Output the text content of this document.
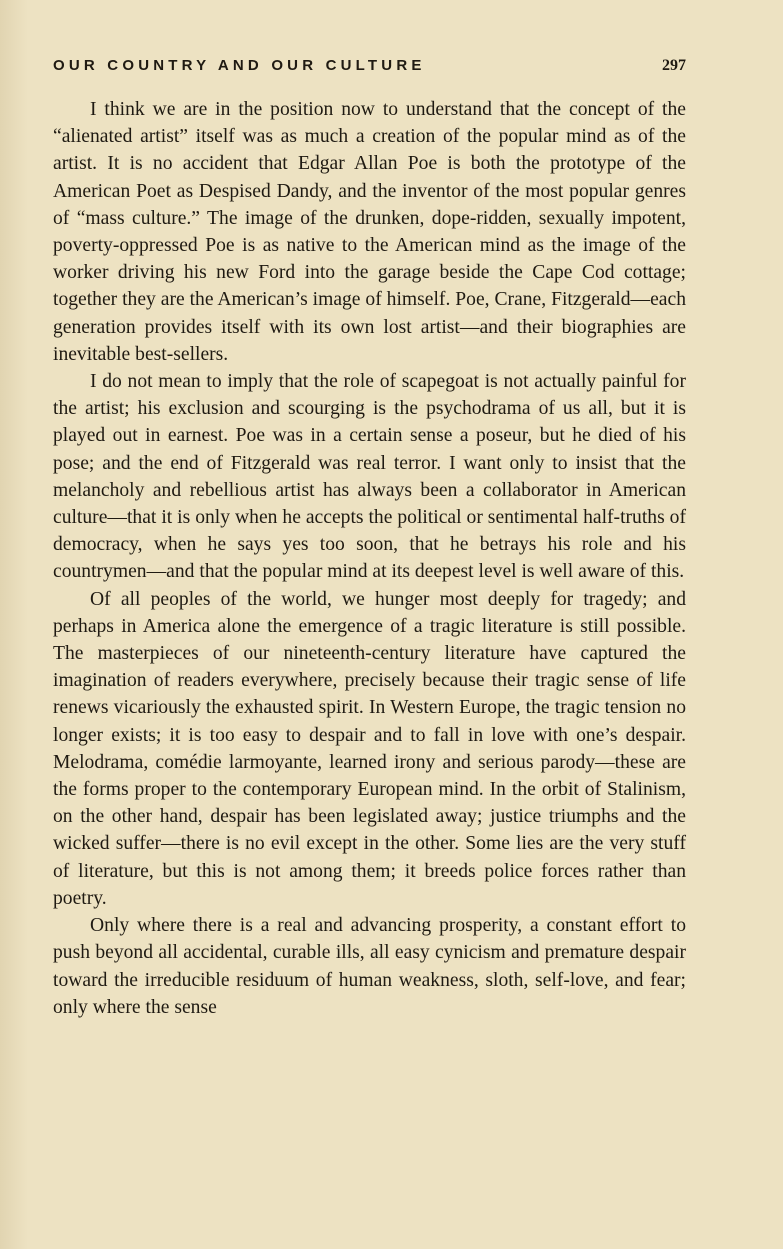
OUR COUNTRY AND OUR CULTURE	297

I think we are in the position now to understand that the concept of the “alienated artist” itself was as much a creation of the popular mind as of the artist. It is no accident that Edgar Allan Poe is both the prototype of the American Poet as Despised Dandy, and the inventor of the most popular genres of “mass culture.” The image of the drunken, dope-ridden, sexually impotent, poverty-oppressed Poe is as native to the American mind as the image of the worker driving his new Ford into the garage beside the Cape Cod cottage; together they are the American’s image of himself. Poe, Crane, Fitzgerald—each generation provides itself with its own lost artist—and their biographies are inevitable best-sellers.

I do not mean to imply that the role of scapegoat is not actually painful for the artist; his exclusion and scourging is the psychodrama of us all, but it is played out in earnest. Poe was in a certain sense a poseur, but he died of his pose; and the end of Fitzgerald was real terror. I want only to insist that the melancholy and rebellious artist has always been a collaborator in American culture—that it is only when he accepts the political or sentimental half-truths of democracy, when he says yes too soon, that he betrays his role and his countrymen—and that the popular mind at its deepest level is well aware of this.

Of all peoples of the world, we hunger most deeply for tragedy; and perhaps in America alone the emergence of a tragic literature is still possible. The masterpieces of our nineteenth-century literature have captured the imagination of readers everywhere, precisely because their tragic sense of life renews vicariously the exhausted spirit. In Western Europe, the tragic tension no longer exists; it is too easy to despair and to fall in love with one’s despair. Melodrama, comédie larmoyante, learned irony and serious parody—these are the forms proper to the contemporary European mind. In the orbit of Stalinism, on the other hand, despair has been legislated away; justice triumphs and the wicked suffer—there is no evil except in the other. Some lies are the very stuff of literature, but this is not among them; it breeds police forces rather than poetry.

Only where there is a real and advancing prosperity, a constant effort to push beyond all accidental, curable ills, all easy cynicism and premature despair toward the irreducible residuum of human weakness, sloth, self-love, and fear; only where the sense
